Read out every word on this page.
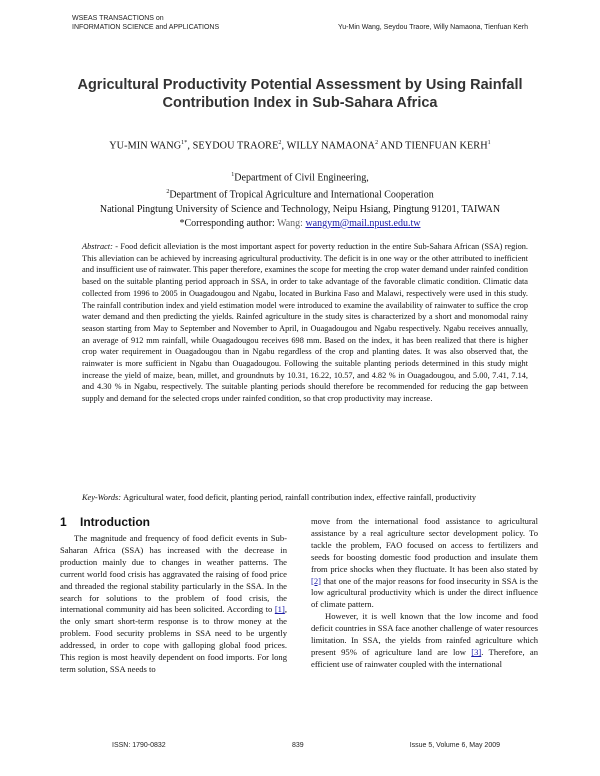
WSEAS TRANSACTIONS on
INFORMATION SCIENCE and APPLICATIONS	Yu-Min Wang, Seydou Traore, Willy Namaona, Tienfuan Kerh
Agricultural Productivity Potential Assessment by Using Rainfall
Contribution Index in Sub-Sahara Africa
YU-MIN $WANG^{1*}$, SEYDOU TRAORE$^2$, WILLY NAMAONA$^2$ AND TIENFUAN KERH$^1$
$^1$Department of Civil Engineering,
$^2$Department of Tropical Agriculture and International Cooperation
National Pingtung University of Science and Technology, Neipu Hsiang, Pingtung 91201, TAIWAN
*Corresponding author: Wang: wangym@mail.npust.edu.tw
Abstract: - Food deficit alleviation is the most important aspect for poverty reduction in the entire Sub-Sahara African (SSA) region. This alleviation can be achieved by increasing agricultural productivity. The deficit is in one way or the other attributed to inefficient and insufficient use of rainwater. This paper therefore, examines the scope for meeting the crop water demand under rainfed condition based on the suitable planting period approach in SSA, in order to take advantage of the favorable climatic condition. Climatic data collected from 1996 to 2005 in Ouagadougou and Ngabu, located in Burkina Faso and Malawi, respectively were used in this study. The rainfall contribution index and yield estimation model were introduced to examine the availability of rainwater to suffice the crop water demand and then predicting the yields. Rainfed agriculture in the study sites is characterized by a short and monomodal rainy season starting from May to September and November to April, in Ouagadougou and Ngabu respectively. Ngabu receives annually, an average of 912 mm rainfall, while Ouagadougou receives 698 mm. Based on the index, it has been realized that there is higher crop water requirement in Ouagadougou than in Ngabu regardless of the crop and planting dates. It was also observed that, the rainwater is more sufficient in Ngabu than Ouagadougou. Following the suitable planting periods determined in this study might increase the yield of maize, bean, millet, and groundnuts by 10.31, 16.22, 10.57, and 4.82 % in Ouagadougou, and 5.00, 7.41, 7.14, and 4.30 % in Ngabu, respectively. The suitable planting periods should therefore be recommended for reducing the gap between supply and demand for the selected crops under rainfed condition, so that crop productivity may increase.
Key-Words: Agricultural water, food deficit, planting period, rainfall contribution index, effective rainfall, productivity
1 Introduction

The magnitude and frequency of food deficit events in Sub-Saharan Africa (SSA) has increased with the decrease in production mainly due to changes in weather patterns. The current world food crisis has aggravated the raising of food price and threaded the regional stability particularly in the SSA. In the search for solutions to the problem of food crisis, the international community aid has been solicited. According to [1], the only smart short-term response is to throw money at the problem. Food security problems in SSA need to be urgently addressed, in order to cope with galloping global food prices. This region is most heavily dependent on food imports. For long term solution, SSA needs to

move from the international food assistance to agricultural assistance by a real agriculture sector development policy. To tackle the problem, FAO focused on access to fertilizers and seeds for boosting domestic food production and insulate them from price shocks when they fluctuate. It has been also stated by [2] that one of the major reasons for food insecurity in SSA is the low agricultural productivity which is under the direct influence of climate pattern.

However, it is well known that the low income and food deficit countries in SSA face another challenge of water resources limitation. In SSA, the yields from rainfed agriculture which present 95% of agriculture land are low [3]. Therefore, an efficient use of rainwater coupled with the international

ISSN: 1790-0832	839	Issue 5, Volume 6, May 2009
